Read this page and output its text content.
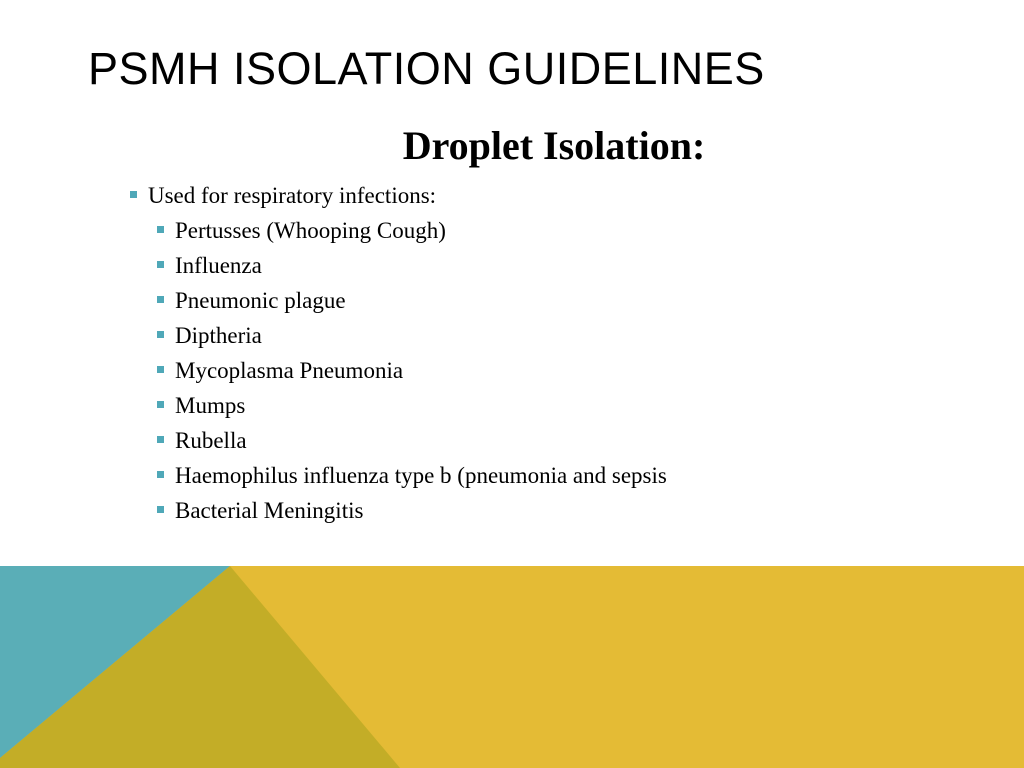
PSMH ISOLATION GUIDELINES
Droplet Isolation:
Used for respiratory infections:
Pertusses (Whooping Cough)
Influenza
Pneumonic plague
Diptheria
Mycoplasma Pneumonia
Mumps
Rubella
Haemophilus influenza type b (pneumonia and sepsis
Bacterial Meningitis
